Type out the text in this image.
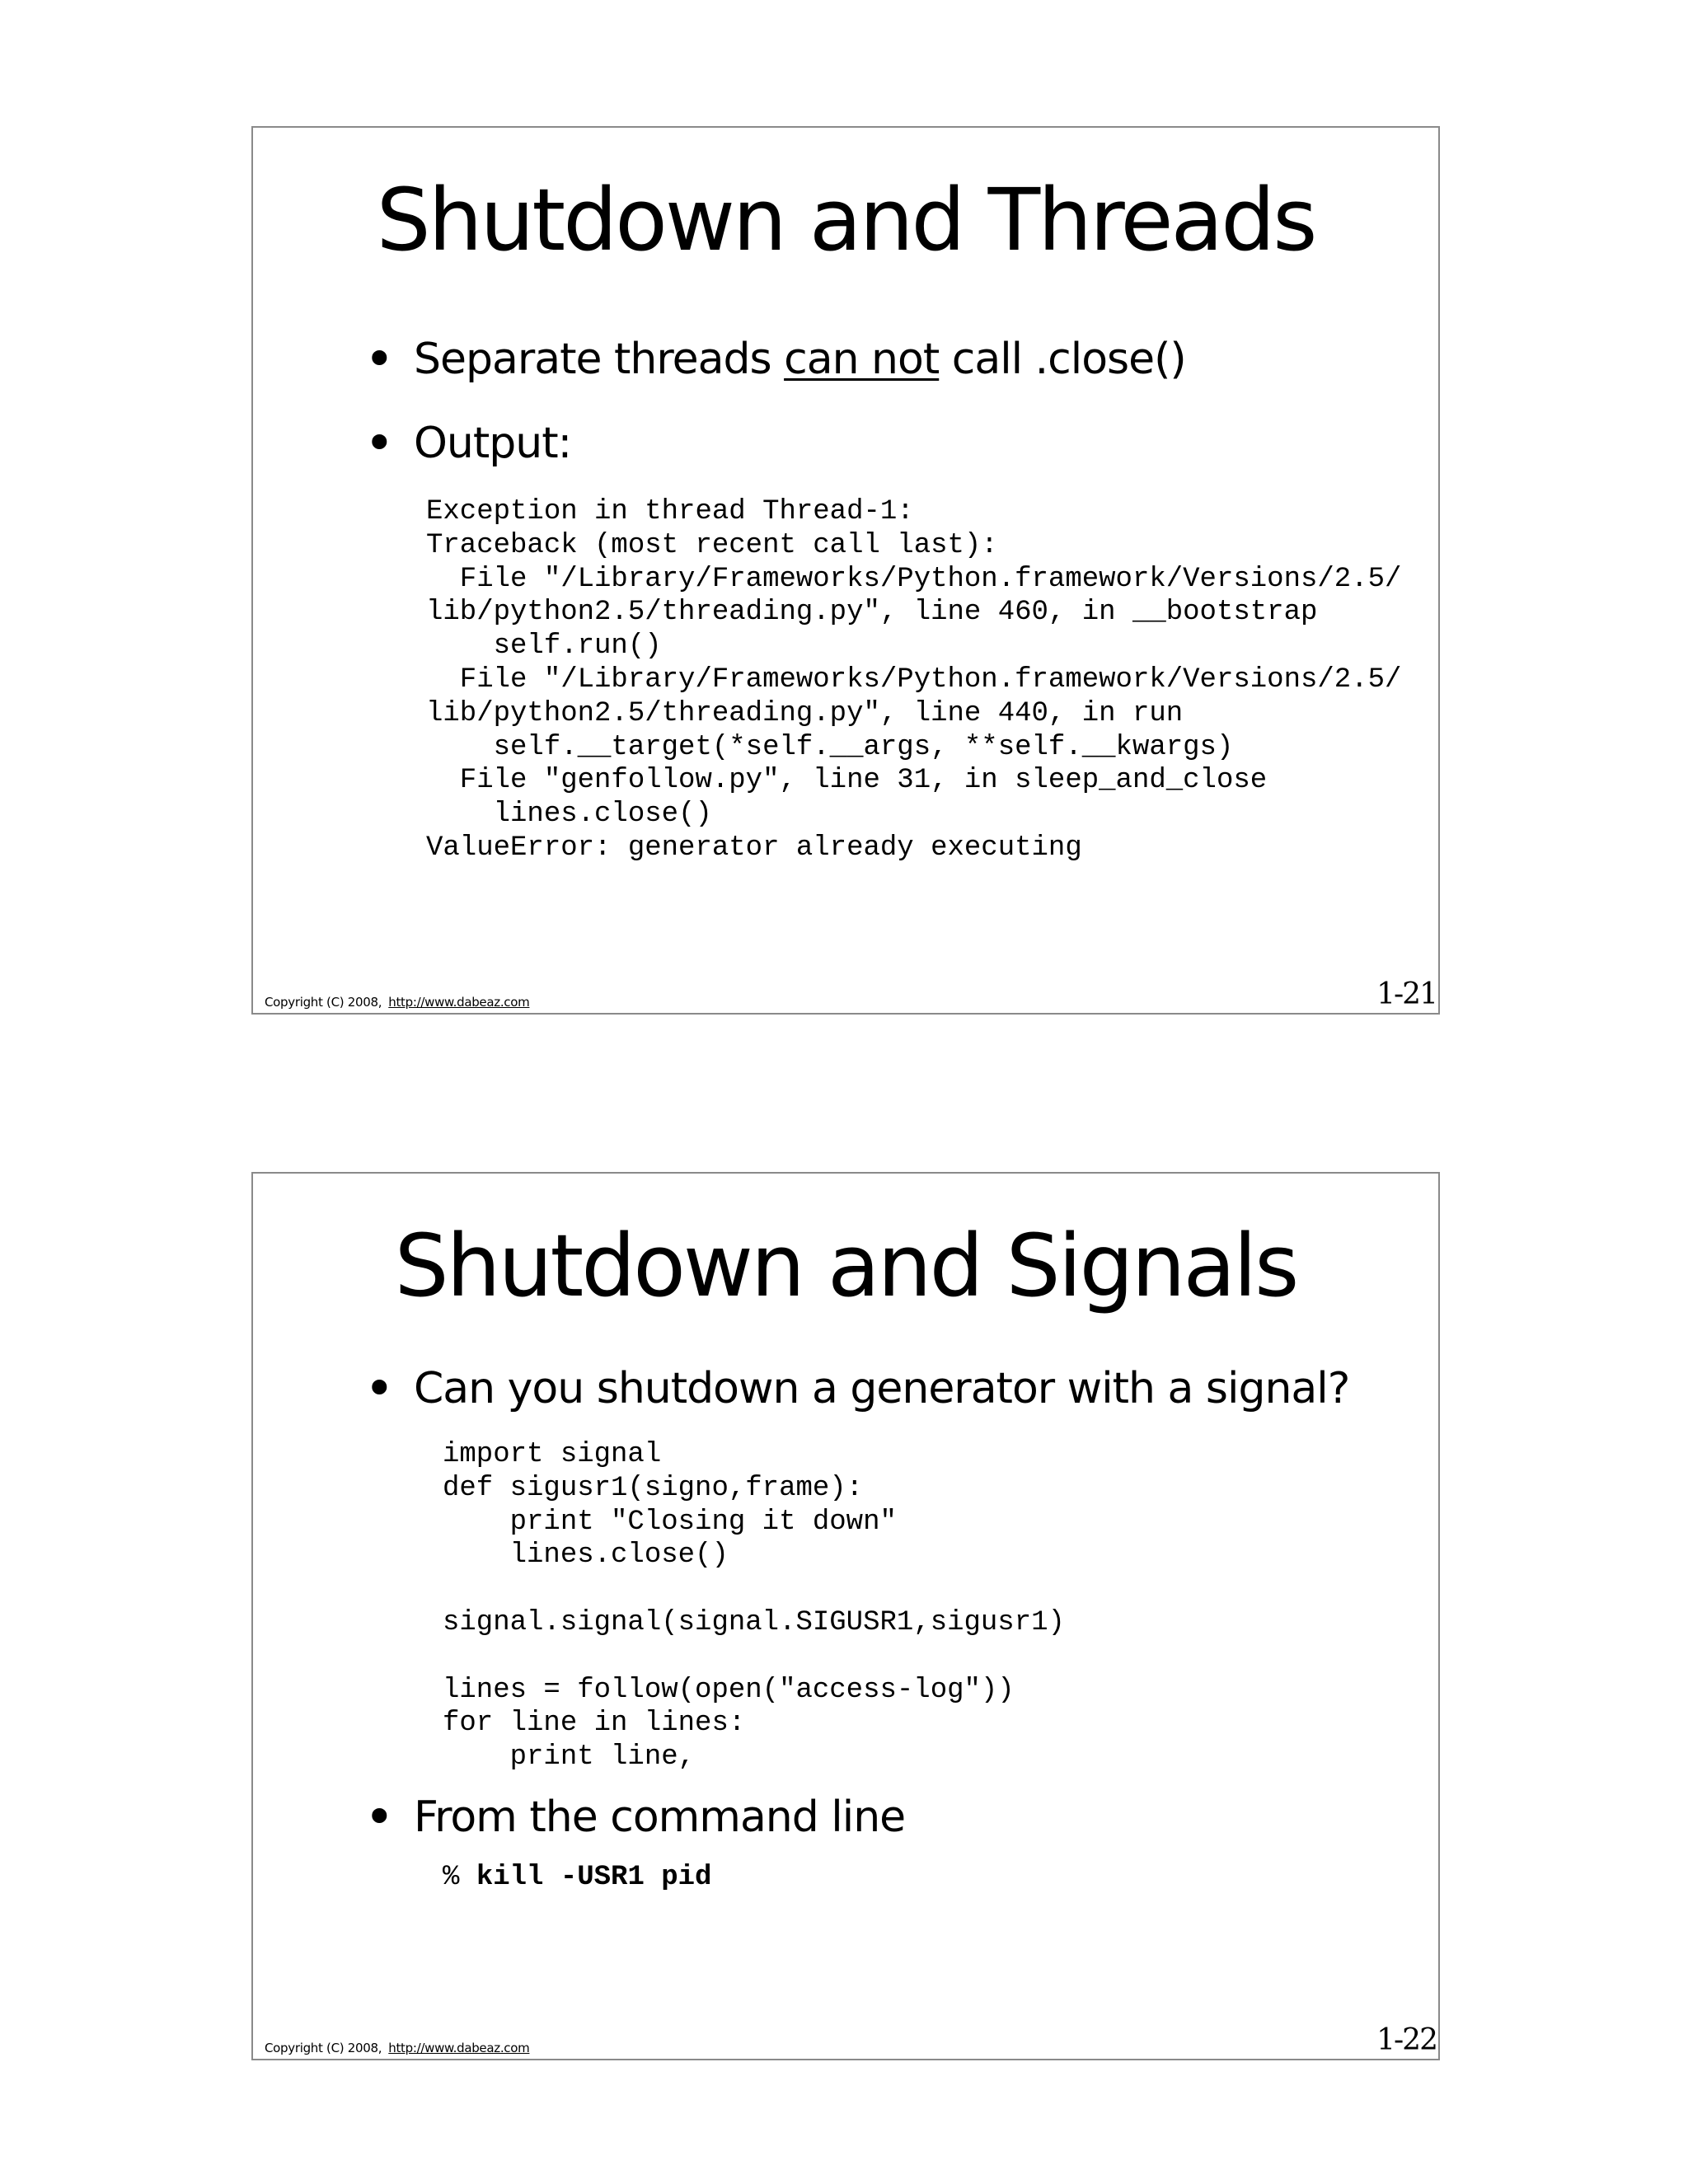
Shutdown and Threads
• Separate threads can not call .close()
• Output:
Exception in thread Thread-1:
Traceback (most recent call last):
File "/Library/Frameworks/Python.framework/Versions/2.5/
lib/python2.5/threading.py", line 460, in __bootstrap
self.run()
File "/Library/Frameworks/Python.framework/Versions/2.5/
lib/python2.5/threading.py", line 440, in run
self.__target(*self.__args, **self.__kwargs)
File "genfollow.py", line 31, in sleep_and_close
lines.close()
ValueError: generator already executing
Copyright (C) 2008, http://www.dabeaz.com	1-21
Shutdown and Signals
• Can you shutdown a generator with a signal?
import signal
def sigusr1(signo,frame):
print "Closing it down"
lines.close()

signal.signal(signal.SIGUSR1,sigusr1)

lines = follow(open("access-log"))
for line in lines:
print line,
• From the command line
% kill -USR1 pid
Copyright (C) 2008, http://www.dabeaz.com	1-22
